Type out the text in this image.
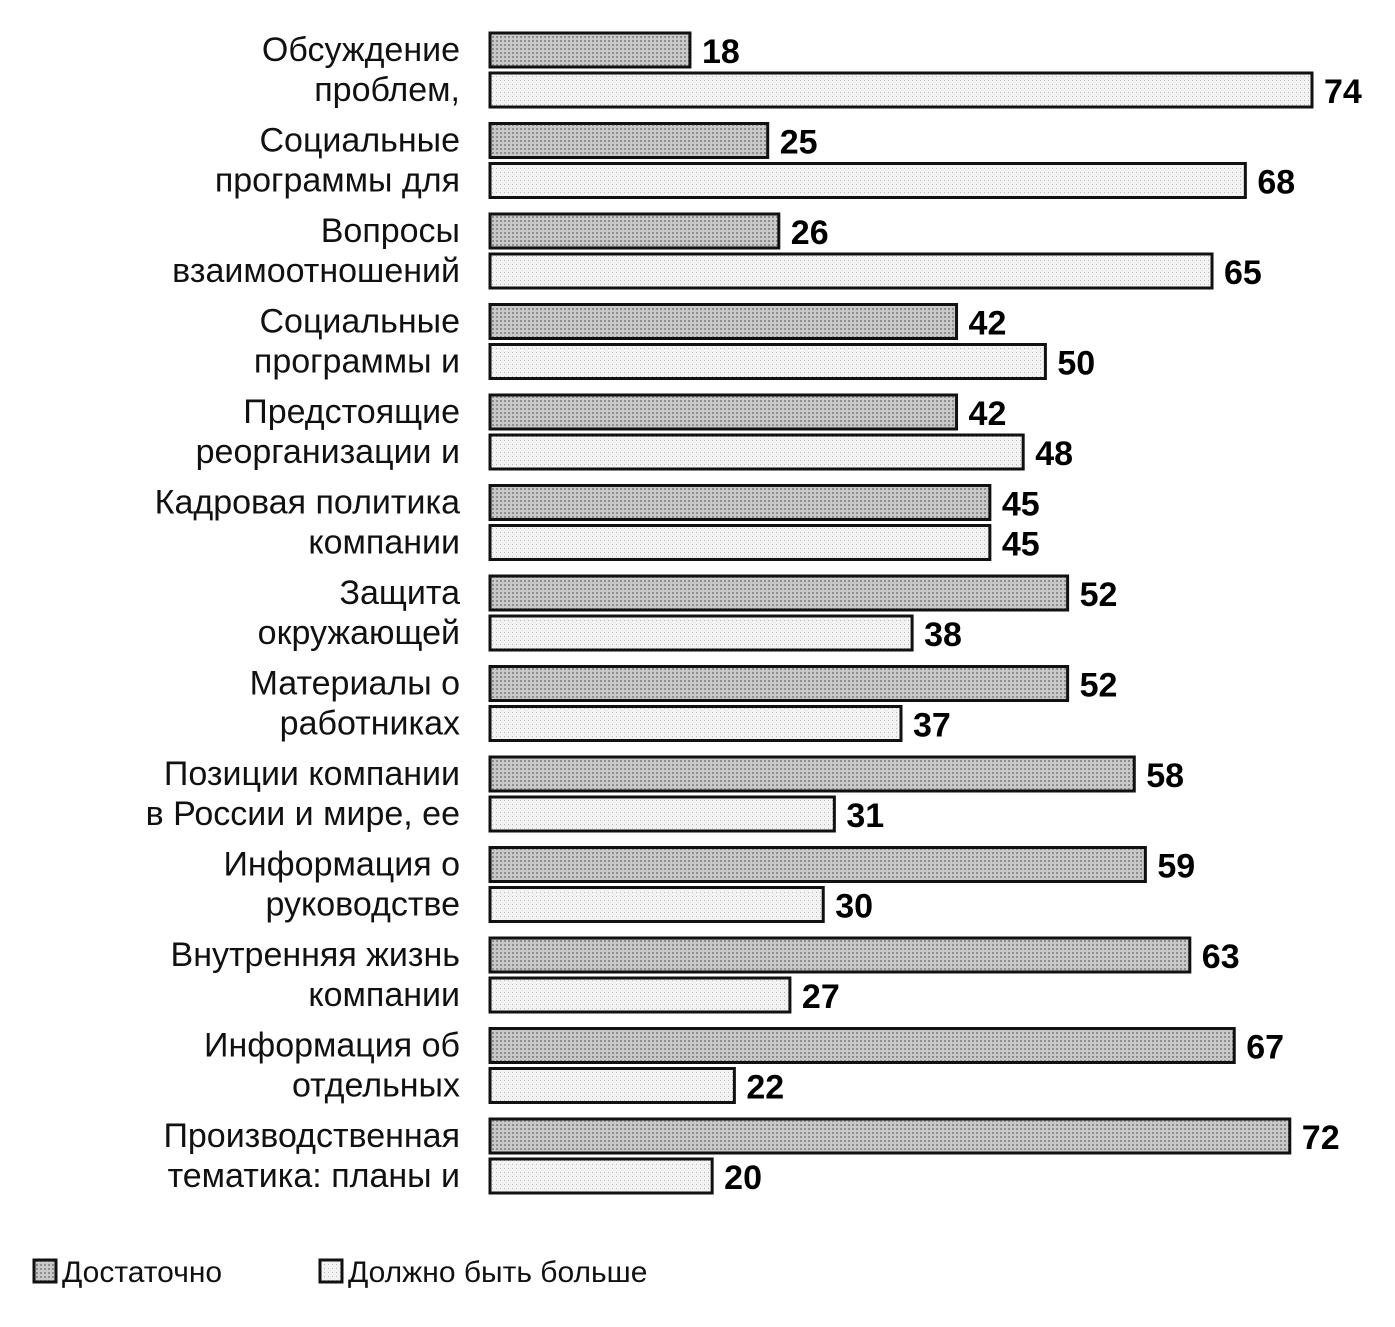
Обсуждение проблем,
Социальные программы для
Вопросы взаимоотношений
Социальные программы и
Предстоящие реорганизации и
Кадровая политика компании
Защита окружающей
Материалы о работниках
Позиции компании в России и мире, ее
Информация о руководстве
Внутренняя жизнь компании
Информация об отдельных
Производственная тематика: планы и
18
74
25
68
26
65
42
50
42
48
45
45
52
38
52
37
58
31
59
30
63
27
67
22
72
20
Достаточно	Должно быть больше
